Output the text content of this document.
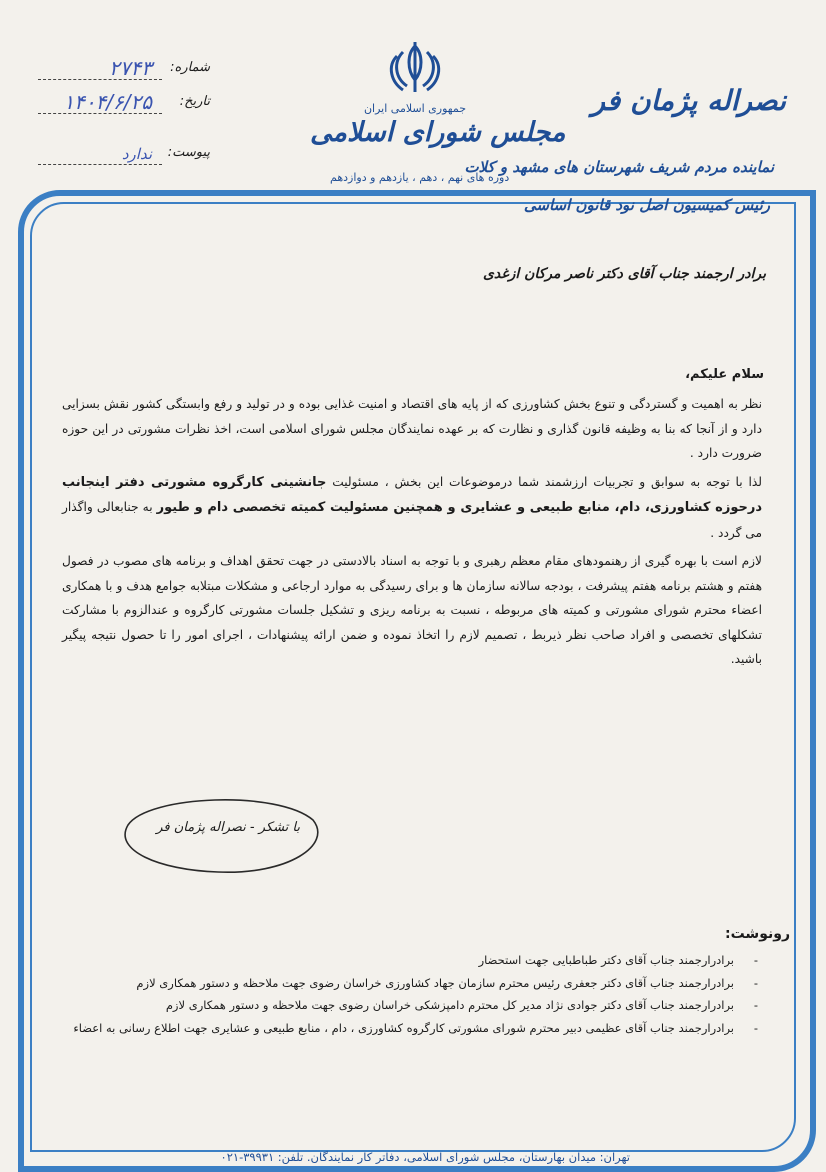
شماره:
۲۷۴۳
تاریخ:
۱۴۰۴/۶/۲۵
پیوست:
ندارد
جمهوری اسلامی ایران
مجلس شورای اسلامی
دوره های نهم ، دهم ، یازدهم و دوازدهم
نصراله پژمان فر
نماینده مردم شریف شهرستان های مشهد و کلات
رئیس کمیسیون اصل نود قانون اساسی
برادر ارجمند جناب آقای دکتر ناصر مرکان ازغدی
سلام علیکم،

نظر به اهمیت و گستردگی و تنوع بخش کشاورزی که از پایه های اقتصاد و امنیت غذایی بوده و در تولید و رفع وابستگی کشور نقش بسزایی دارد و از آنجا که بنا به وظیفه قانون گذاری و نظارت که بر عهده نمایندگان مجلس شورای اسلامی است، اخذ نظرات مشورتی در این حوزه ضرورت دارد .

لذا با توجه به سوابق و تجربیات ارزشمند شما درموضوعات این بخش ، مسئولیت جانشینی کارگروه مشورتی دفتر اینجانب درحوزه کشاورزی، دام، منابع طبیعی و عشایری و همچنین مسئولیت کمیته تخصصی دام و طیور به جنابعالی واگذار می گردد .

لازم است با بهره گیری از رهنمودهای مقام معظم رهبری و با توجه به اسناد بالادستی در جهت تحقق اهداف و برنامه های مصوب در فصول هفتم و هشتم برنامه هفتم پیشرفت ، بودجه سالانه سازمان ها و برای رسیدگی به موارد ارجاعی و مشکلات مبتلابه جوامع هدف و با همکاری اعضاء محترم شورای مشورتی و کمیته های مربوطه ، نسبت به برنامه ریزی و تشکیل جلسات مشورتی کارگروه و عندالزوم با مشارکت تشکلهای تخصصی و افراد صاحب نظر ذیربط ، تصمیم لازم را اتخاذ نموده و ضمن ارائه پیشنهادات ، اجرای امور را تا حصول نتیجه پیگیر باشید.

با تشکر - نصراله پژمان فر
رونوشت:
- برادرارجمند جناب آقای دکتر طباطبایی جهت استحضار
- برادرارجمند جناب آقای دکتر جعفری رئیس محترم سازمان جهاد کشاورزی خراسان رضوی جهت ملاحظه و دستور همکاری لازم
- برادرارجمند جناب آقای دکتر جوادی نژاد مدیر کل محترم دامپزشکی خراسان رضوی جهت ملاحظه و دستور همکاری لازم
- برادرارجمند جناب آقای عظیمی دبیر محترم شورای مشورتی کارگروه کشاورزی ، دام ، منابع طبیعی و عشایری جهت اطلاع رسانی به اعضاء
تهران: میدان بهارستان، مجلس شورای اسلامی، دفاتر کار نمایندگان. تلفن: ۳۹۹۳۱-۰۲۱
